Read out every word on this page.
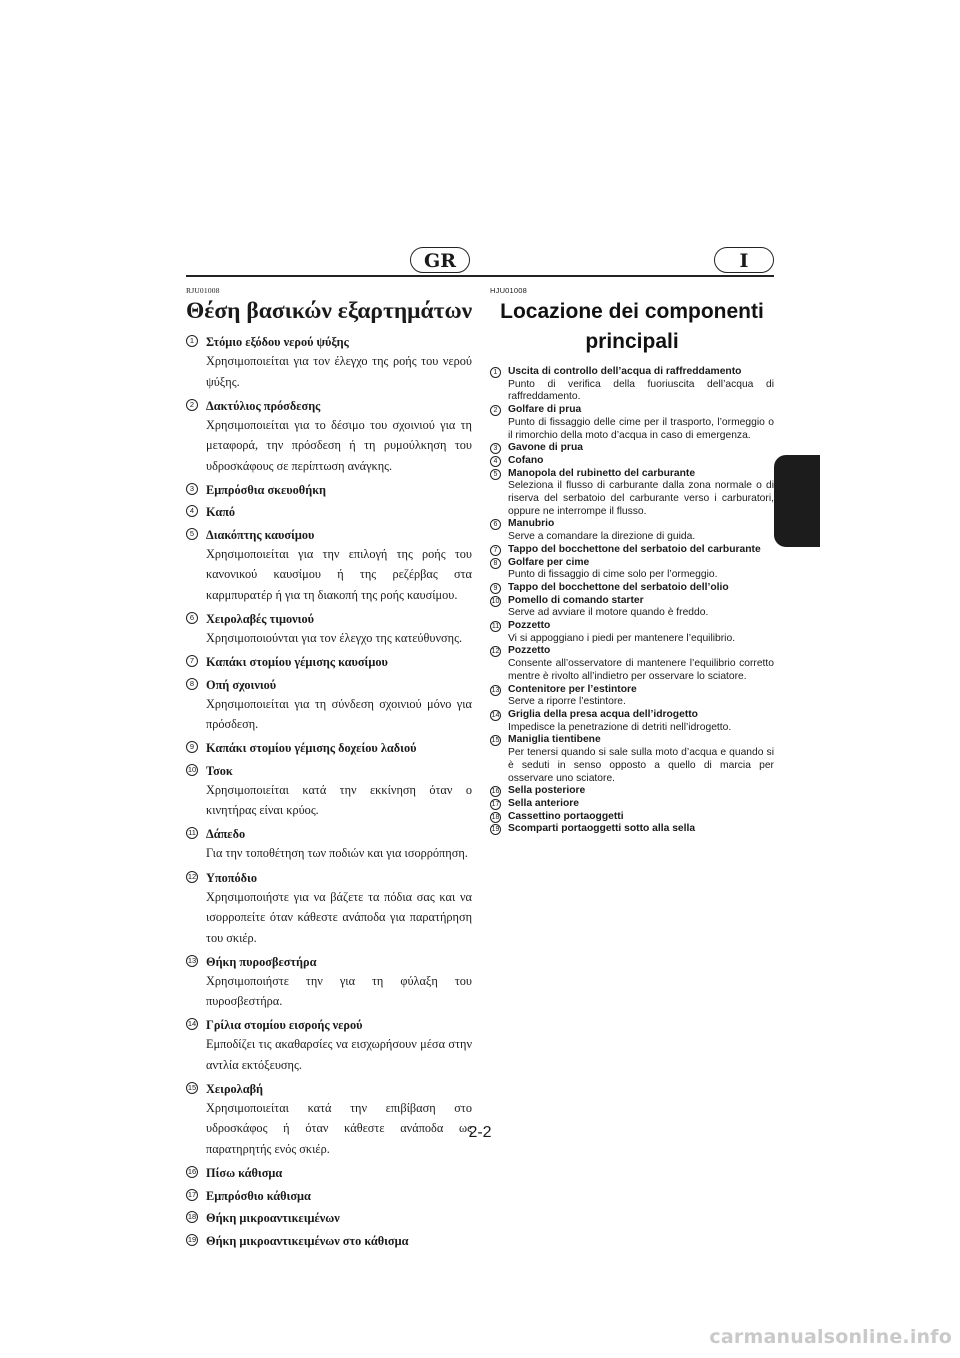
GR	I
RJU01008
Θέση βασικών εξαρτημάτων
1 Στόμιο εξόδου νερού ψύξης
Χρησιμοποιείται για τον έλεγχο της ροής του νερού ψύξης.
2 Δακτύλιος πρόσδεσης
Χρησιμοποιείται για το δέσιμο του σχοινιού για τη μεταφορά, την πρόσδεση ή τη ρυμούλκηση του υδροσκάφους σε περίπτωση ανάγκης.
3 Εμπρόσθια σκευοθήκη
4 Καπό
5 Διακόπτης καυσίμου
Χρησιμοποιείται για την επιλογή της ροής του κανονικού καυσίμου ή της ρεζέρβας στα καρμπυρατέρ ή για τη διακοπή της ροής καυσίμου.
6 Χειρολαβές τιμονιού
Χρησιμοποιούνται για τον έλεγχο της κατεύθυνσης.
7 Καπάκι στομίου γέμισης καυσίμου
8 Οπή σχοινιού
Χρησιμοποιείται για τη σύνδεση σχοινιού μόνο για πρόσδεση.
9 Καπάκι στομίου γέμισης δοχείου λαδιού
10 Τσοκ
Χρησιμοποιείται κατά την εκκίνηση όταν ο κινητήρας είναι κρύος.
11 Δάπεδο
Για την τοποθέτηση των ποδιών και για ισορρόπηση.
12 Υποπόδιο
Χρησιμοποιήστε για να βάζετε τα πόδια σας και να ισορροπείτε όταν κάθεστε ανάποδα για παρατήρηση του σκιέρ.
13 Θήκη πυροσβεστήρα
Χρησιμοποιήστε την για τη φύλαξη του πυροσβεστήρα.
14 Γρίλια στομίου εισροής νερού
Εμποδίζει τις ακαθαρσίες να εισχωρήσουν μέσα στην αντλία εκτόξευσης.
15 Χειρολαβή
Χρησιμοποιείται κατά την επιβίβαση στο υδροσκάφος ή όταν κάθεστε ανάποδα ως παρατηρητής ενός σκιέρ.
16 Πίσω κάθισμα
17 Εμπρόσθιο κάθισμα
18 Θήκη μικροαντικειμένων
19 Θήκη μικροαντικειμένων στο κάθισμα
HJU01008
Locazione dei componenti
principali
1	Uscita di controllo dell’acqua di raffreddamento
Punto di verifica della fuoriuscita dell’acqua di raffreddamento.
2	Golfare di prua
Punto di fissaggio delle cime per il trasporto, l’ormeggio o il rimorchio della moto d’acqua in caso di emergenza.
3	Gavone di prua
4	Cofano
5	Manopola del rubinetto del carburante
Seleziona il flusso di carburante dalla zona normale o di riserva del serbatoio del carburante verso i carburatori, oppure ne interrompe il flusso.
6	Manubrio
Serve a comandare la direzione di guida.
7	Tappo del bocchettone del serbatoio del carburante
8	Golfare per cime
Punto di fissaggio di cime solo per l’ormeggio.
9	Tappo del bocchettone del serbatoio dell’olio
10 Pomello di comando starter
Serve ad avviare il motore quando è freddo.
11 Pozzetto
Vi si appoggiano i piedi per mantenere l’equilibrio.
12 Pozzetto
Consente all’osservatore di mantenere l’equilibrio corretto mentre è rivolto all’indietro per osservare lo sciatore.
13 Contenitore per l’estintore
Serve a riporre l’estintore.
14 Griglia della presa acqua dell’idrogetto
Impedisce la penetrazione di detriti nell’idrogetto.
15 Maniglia tientibene
Per tenersi quando si sale sulla moto d’acqua e quando si è seduti in senso opposto a quello di marcia per osservare uno sciatore.
16 Sella posteriore
17 Sella anteriore
18 Cassettino portaoggetti
19 Scomparti portaoggetti sotto alla sella
2-2
carmanualsonline.info
